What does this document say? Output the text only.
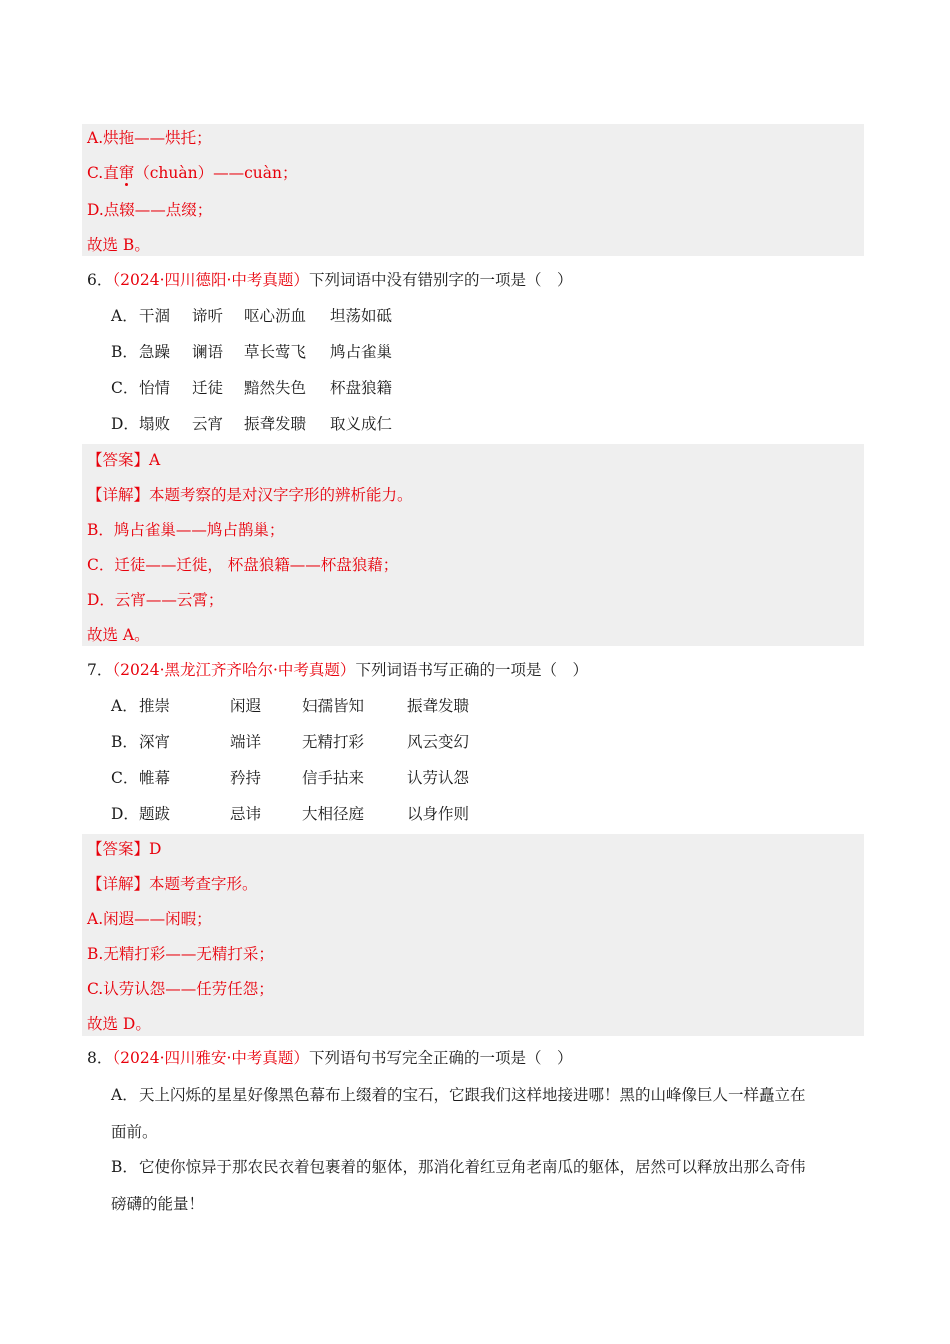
A.烘拖——烘托；
C.直窜（chuàn）——cuàn；
D.点辍——点缀；
故选 B。
6．（2024·四川德阳·中考真题）下列词语中没有错别字的一项是（　）
A． 干涸 谛听 呕心沥血 坦荡如砥
B． 急躁 谰语 草长莺飞 鸠占雀巢
C． 怡情 迁徒 黯然失色 杯盘狼籍
D． 塌败 云宵 振聋发聩 取义成仁
【答案】A
【详解】本题考察的是对汉字字形的辨析能力。
B．鸠占雀巢——鸠占鹊巢；
C．迁徒——迁徙， 杯盘狼籍——杯盘狼藉；
D．云宵——云霄；
故选 A。
7．（2024·黑龙江齐齐哈尔·中考真题）下列词语书写正确的一项是（　）
A． 推崇	闲遐	妇孺皆知	振聋发聩
B． 深宵	端详	无精打彩	风云变幻
C． 帷幕	矜持	信手拈来	认劳认怨
D． 题跋	忌讳	大相径庭	以身作则
【答案】D
【详解】本题考查字形。
A.闲遐——闲暇；
B.无精打彩——无精打采；
C.认劳认怨——任劳任怨；
故选 D。
8．（2024·四川雅安·中考真题）下列语句书写完全正确的一项是（　）
A．天上闪烁的星星好像黑色幕布上缀着的宝石，它跟我们这样地接进哪！黑的山峰像巨人一样矗立在
面前。
B．它使你惊异于那农民衣着包裹着的躯体，那消化着红豆角老南瓜的躯体，居然可以释放出那么奇伟
磅礴的能量！
